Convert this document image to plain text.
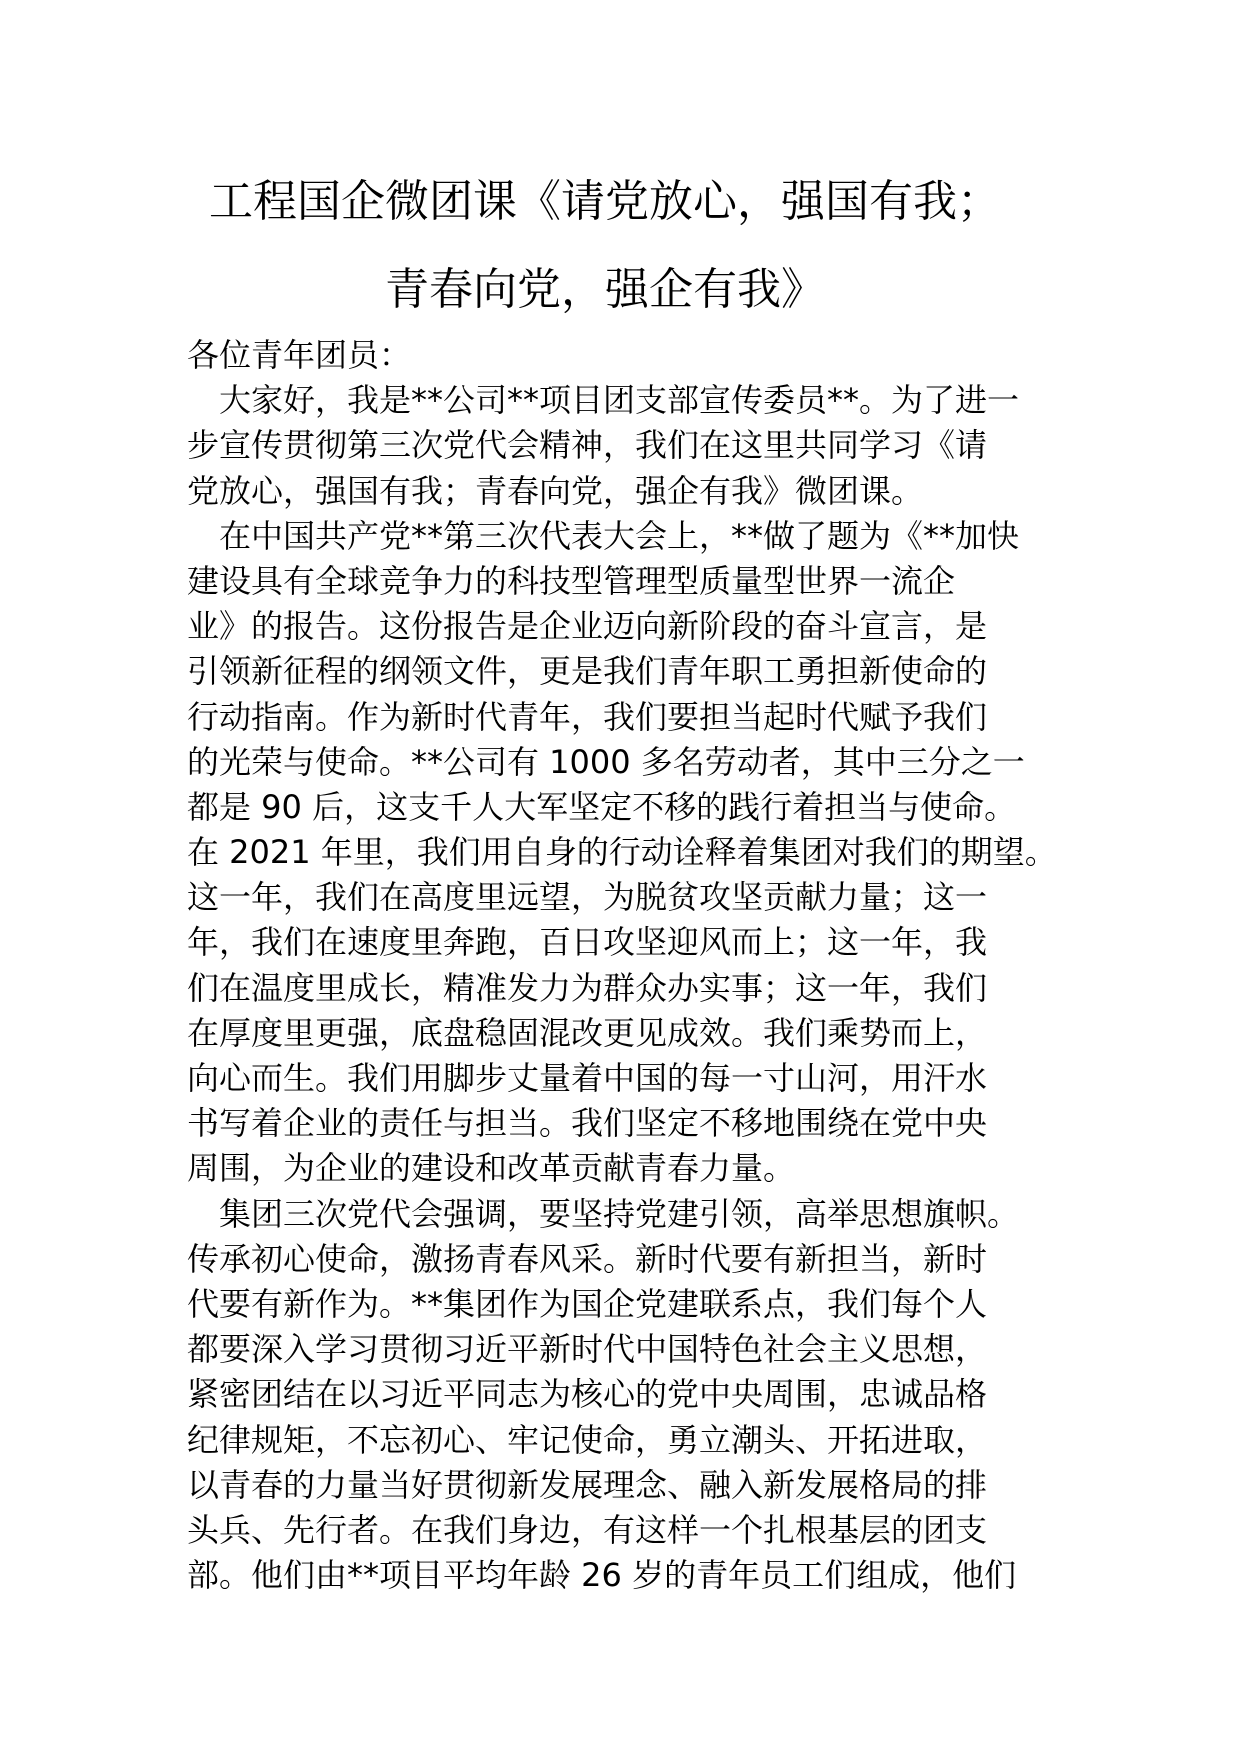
工程国企微团课《请党放心，强国有我；
青春向党，强企有我》
各位青年团员：
　大家好，我是**公司**项目团支部宣传委员**。为了进一
步宣传贯彻第三次党代会精神，我们在这里共同学习《请
党放心，强国有我；青春向党，强企有我》微团课。
　在中国共产党**第三次代表大会上，**做了题为《**加快
建设具有全球竞争力的科技型管理型质量型世界一流企
业》的报告。这份报告是企业迈向新阶段的奋斗宣言，是
引领新征程的纲领文件，更是我们青年职工勇担新使命的
行动指南。作为新时代青年，我们要担当起时代赋予我们
的光荣与使命。**公司有 1000 多名劳动者，其中三分之一
都是 90 后，这支千人大军坚定不移的践行着担当与使命。
在 2021 年里，我们用自身的行动诠释着集团对我们的期望。
这一年，我们在高度里远望，为脱贫攻坚贡献力量；这一
年，我们在速度里奔跑，百日攻坚迎风而上；这一年，我
们在温度里成长，精准发力为群众办实事；这一年，我们
在厚度里更强，底盘稳固混改更见成效。我们乘势而上，
向心而生。我们用脚步丈量着中国的每一寸山河，用汗水
书写着企业的责任与担当。我们坚定不移地围绕在党中央
周围，为企业的建设和改革贡献青春力量。
　集团三次党代会强调，要坚持党建引领，高举思想旗帜。
传承初心使命，激扬青春风采。新时代要有新担当，新时
代要有新作为。**集团作为国企党建联系点，我们每个人
都要深入学习贯彻习近平新时代中国特色社会主义思想，
紧密团结在以习近平同志为核心的党中央周围，忠诚品格
纪律规矩，不忘初心、牢记使命，勇立潮头、开拓进取，
以青春的力量当好贯彻新发展理念、融入新发展格局的排
头兵、先行者。在我们身边，有这样一个扎根基层的团支
部。他们由**项目平均年龄 26 岁的青年员工们组成，他们
